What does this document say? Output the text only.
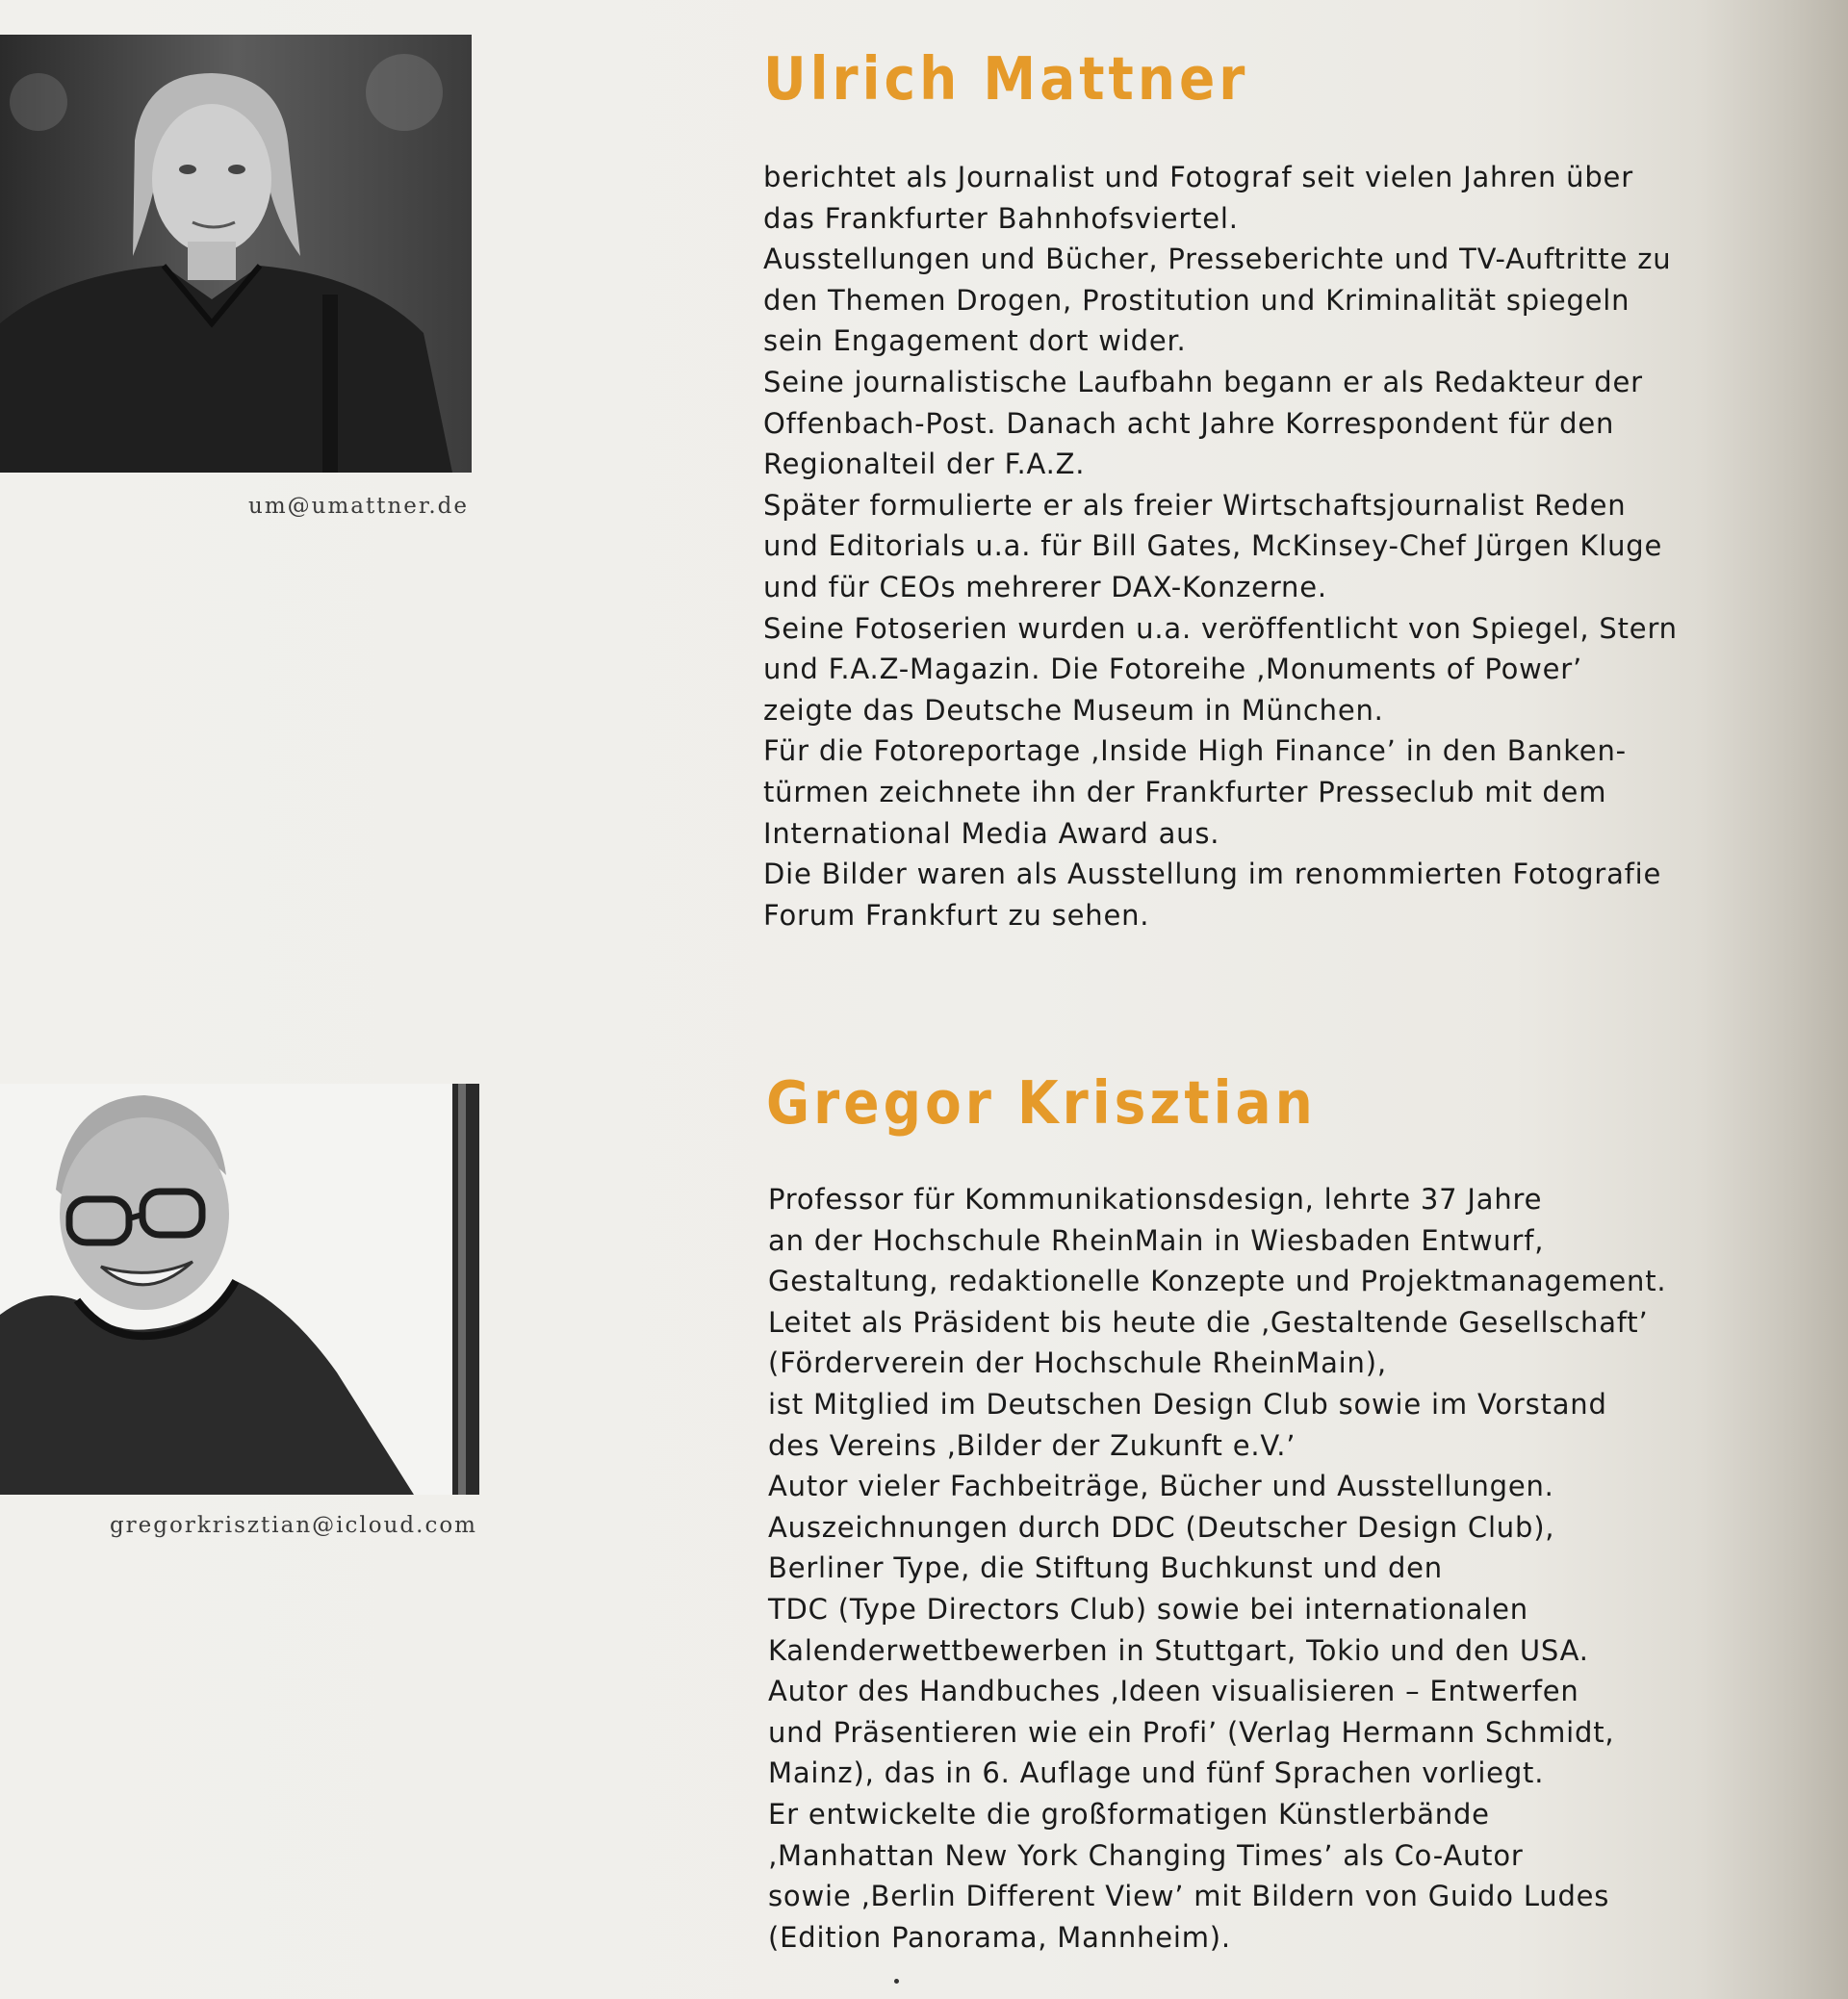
um@umattner.de
Ulrich Mattner
berichtet als Journalist und Fotograf seit vielen Jahren über
das Frankfurter Bahnhofsviertel.
Ausstellungen und Bücher, Presseberichte und TV-Auftritte zu
den Themen Drogen, Prostitution und Kriminalität spiegeln
sein Engagement dort wider.
Seine journalistische Laufbahn begann er als Redakteur der
Offenbach-Post. Danach acht Jahre Korrespondent für den
Regionalteil der F.A.Z.
Später formulierte er als freier Wirtschaftsjournalist Reden
und Editorials u.a. für Bill Gates, McKinsey-Chef Jürgen Kluge
und für CEOs mehrerer DAX-Konzerne.
Seine Fotoserien wurden u.a. veröffentlicht von Spiegel, Stern
und F.A.Z-Magazin. Die Fotoreihe ‚Monuments of Power’
zeigte das Deutsche Museum in München.
Für die Fotoreportage ‚Inside High Finance’ in den Banken-
türmen zeichnete ihn der Frankfurter Presseclub mit dem
International Media Award aus.
Die Bilder waren als Ausstellung im renommierten Fotografie
Forum Frankfurt zu sehen.
gregorkrisztian@icloud.com
Gregor Krisztian
Professor für Kommunikationsdesign, lehrte 37 Jahre
an der Hochschule RheinMain in Wiesbaden Entwurf,
Gestaltung, redaktionelle Konzepte und Projektmanagement.
Leitet als Präsident bis heute die ‚Gestaltende Gesellschaft’
(Förderverein der Hochschule RheinMain),
ist Mitglied im Deutschen Design Club sowie im Vorstand
des Vereins ‚Bilder der Zukunft e.V.’
Autor vieler Fachbeiträge, Bücher und Ausstellungen.
Auszeichnungen durch DDC (Deutscher Design Club),
Berliner Type, die Stiftung Buchkunst und den
TDC (Type Directors Club) sowie bei internationalen
Kalenderwettbewerben in Stuttgart, Tokio und den USA.
Autor des Handbuches ‚Ideen visualisieren – Entwerfen
und Präsentieren wie ein Profi’ (Verlag Hermann Schmidt,
Mainz), das in 6. Auflage und fünf Sprachen vorliegt.
Er entwickelte die großformatigen Künstlerbände
‚Manhattan New York Changing Times’ als Co-Autor
sowie ‚Berlin Different View’ mit Bildern von Guido Ludes
(Edition Panorama, Mannheim).
